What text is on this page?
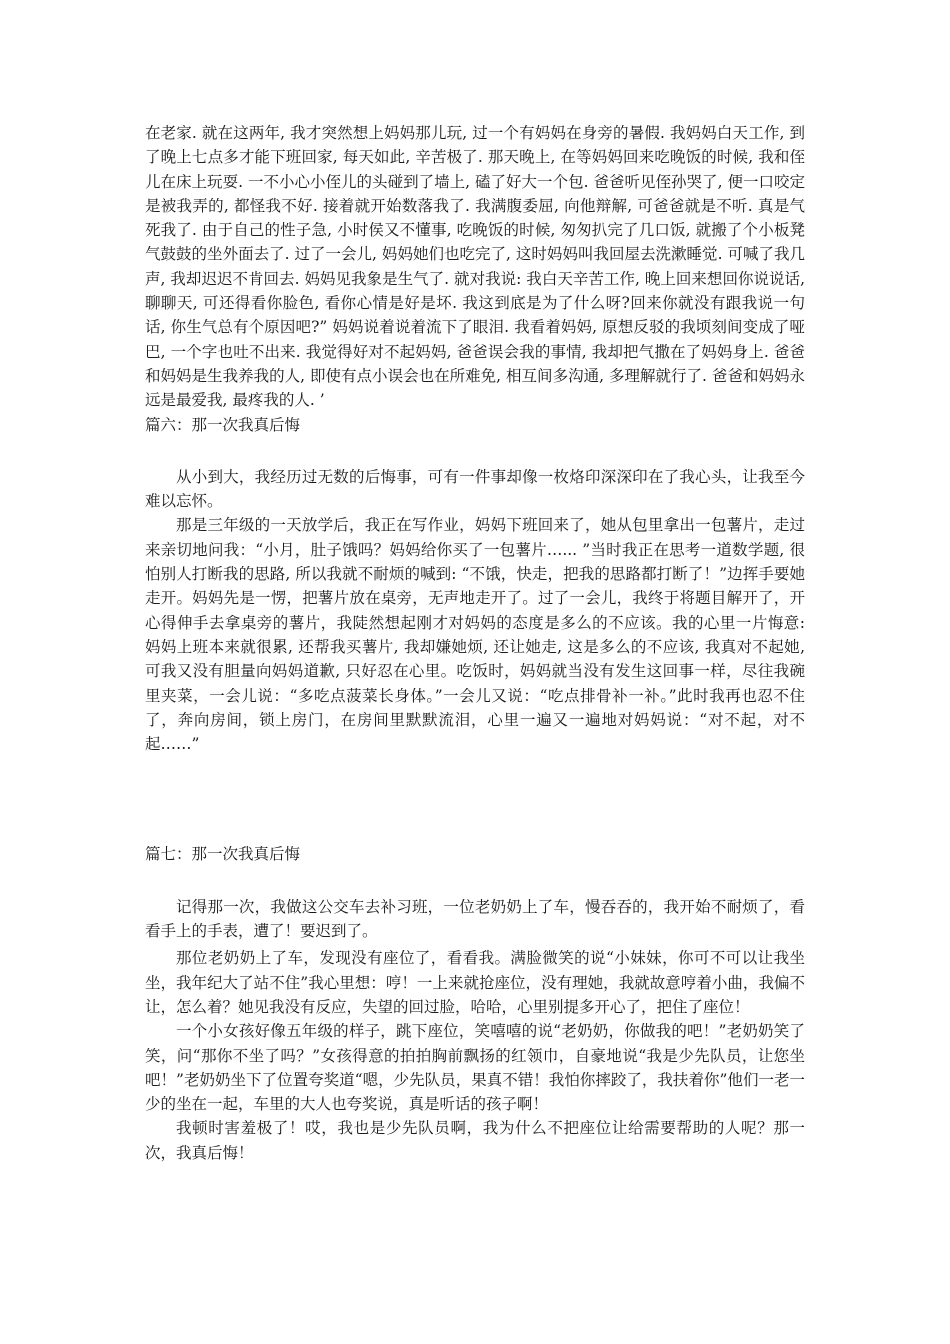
在老家. 就在这两年, 我才突然想上妈妈那儿玩, 过一个有妈妈在身旁的暑假. 我妈妈白天工作, 到了晚上七点多才能下班回家, 每天如此, 辛苦极了. 那天晚上, 在等妈妈回来吃晚饭的时候, 我和侄儿在床上玩耍. 一不小心小侄儿的头碰到了墙上, 磕了好大一个包. 爸爸听见侄孙哭了, 便一口咬定是被我弄的, 都怪我不好. 接着就开始数落我了. 我满腹委屈, 向他辩解, 可爸爸就是不听. 真是气死我了. 由于自己的性子急, 小时侯又不懂事, 吃晚饭的时候, 匆匆扒完了几口饭, 就搬了个小板凳气鼓鼓的坐外面去了. 过了一会儿, 妈妈她们也吃完了, 这时妈妈叫我回屋去洗漱睡觉. 可喊了我几声, 我却迟迟不肯回去. 妈妈见我象是生气了. 就对我说: 我白天辛苦工作, 晚上回来想回你说说话, 聊聊天, 可还得看你脸色, 看你心情是好是坏. 我这到底是为了什么呀?回来你就没有跟我说一句话, 你生气总有个原因吧?” 妈妈说着说着流下了眼泪. 我看着妈妈, 原想反驳的我顷刻间变成了哑巴, 一个字也吐不出来. 我觉得好对不起妈妈, 爸爸误会我的事情, 我却把气撒在了妈妈身上. 爸爸和妈妈是生我养我的人, 即使有点小误会也在所难免, 相互间多沟通, 多理解就行了. 爸爸和妈妈永远是最爱我, 最疼我的人. ’

篇六：那一次我真后悔

从小到大，我经历过无数的后悔事，可有一件事却像一枚烙印深深印在了我心头，让我至今难以忘怀。

那是三年级的一天放学后，我正在写作业，妈妈下班回来了，她从包里拿出一包薯片，走过来亲切地问我：“小月，肚子饿吗？妈妈给你买了一包薯片…... ”当时我正在思考一道数学题, 很怕别人打断我的思路, 所以我就不耐烦的喊到: “不饿，快走，把我的思路都打断了！”边挥手要她走开。妈妈先是一愣，把薯片放在桌旁，无声地走开了。过了一会儿，我终于将题目解开了，开心得伸手去拿桌旁的薯片，我陡然想起刚才对妈妈的态度是多么的不应该。我的心里一片悔意: 妈妈上班本来就很累, 还帮我买薯片, 我却嫌她烦, 还让她走, 这是多么的不应该, 我真对不起她, 可我又没有胆量向妈妈道歉, 只好忍在心里。吃饭时，妈妈就当没有发生这回事一样，尽往我碗里夹菜，一会儿说：“多吃点菠菜长身体。”一会儿又说：“吃点排骨补一补。”此时我再也忍不住了，奔向房间，锁上房门，在房间里默默流泪，心里一遍又一遍地对妈妈说：“对不起，对不起……”

篇七：那一次我真后悔

记得那一次，我做这公交车去补习班，一位老奶奶上了车，慢吞吞的，我开始不耐烦了，看看手上的手表，遭了！要迟到了。

那位老奶奶上了车，发现没有座位了，看看我。满脸微笑的说“小妹妹，你可不可以让我坐坐，我年纪大了站不住”我心里想：哼！一上来就抢座位，没有理她，我就故意哼着小曲，我偏不让，怎么着？她见我没有反应，失望的回过脸，哈哈，心里别提多开心了，把住了座位！

一个小女孩好像五年级的样子，跳下座位，笑嘻嘻的说“老奶奶，你做我的吧！”老奶奶笑了笑，问“那你不坐了吗？”女孩得意的拍拍胸前飘扬的红领巾，自豪地说“我是少先队员，让您坐吧！”老奶奶坐下了位置夸奖道“嗯，少先队员，果真不错！我怕你摔跤了，我扶着你”他们一老一少的坐在一起，车里的大人也夸奖说，真是听话的孩子啊！

我顿时害羞极了！哎，我也是少先队员啊，我为什么不把座位让给需要帮助的人呢？那一次，我真后悔！
